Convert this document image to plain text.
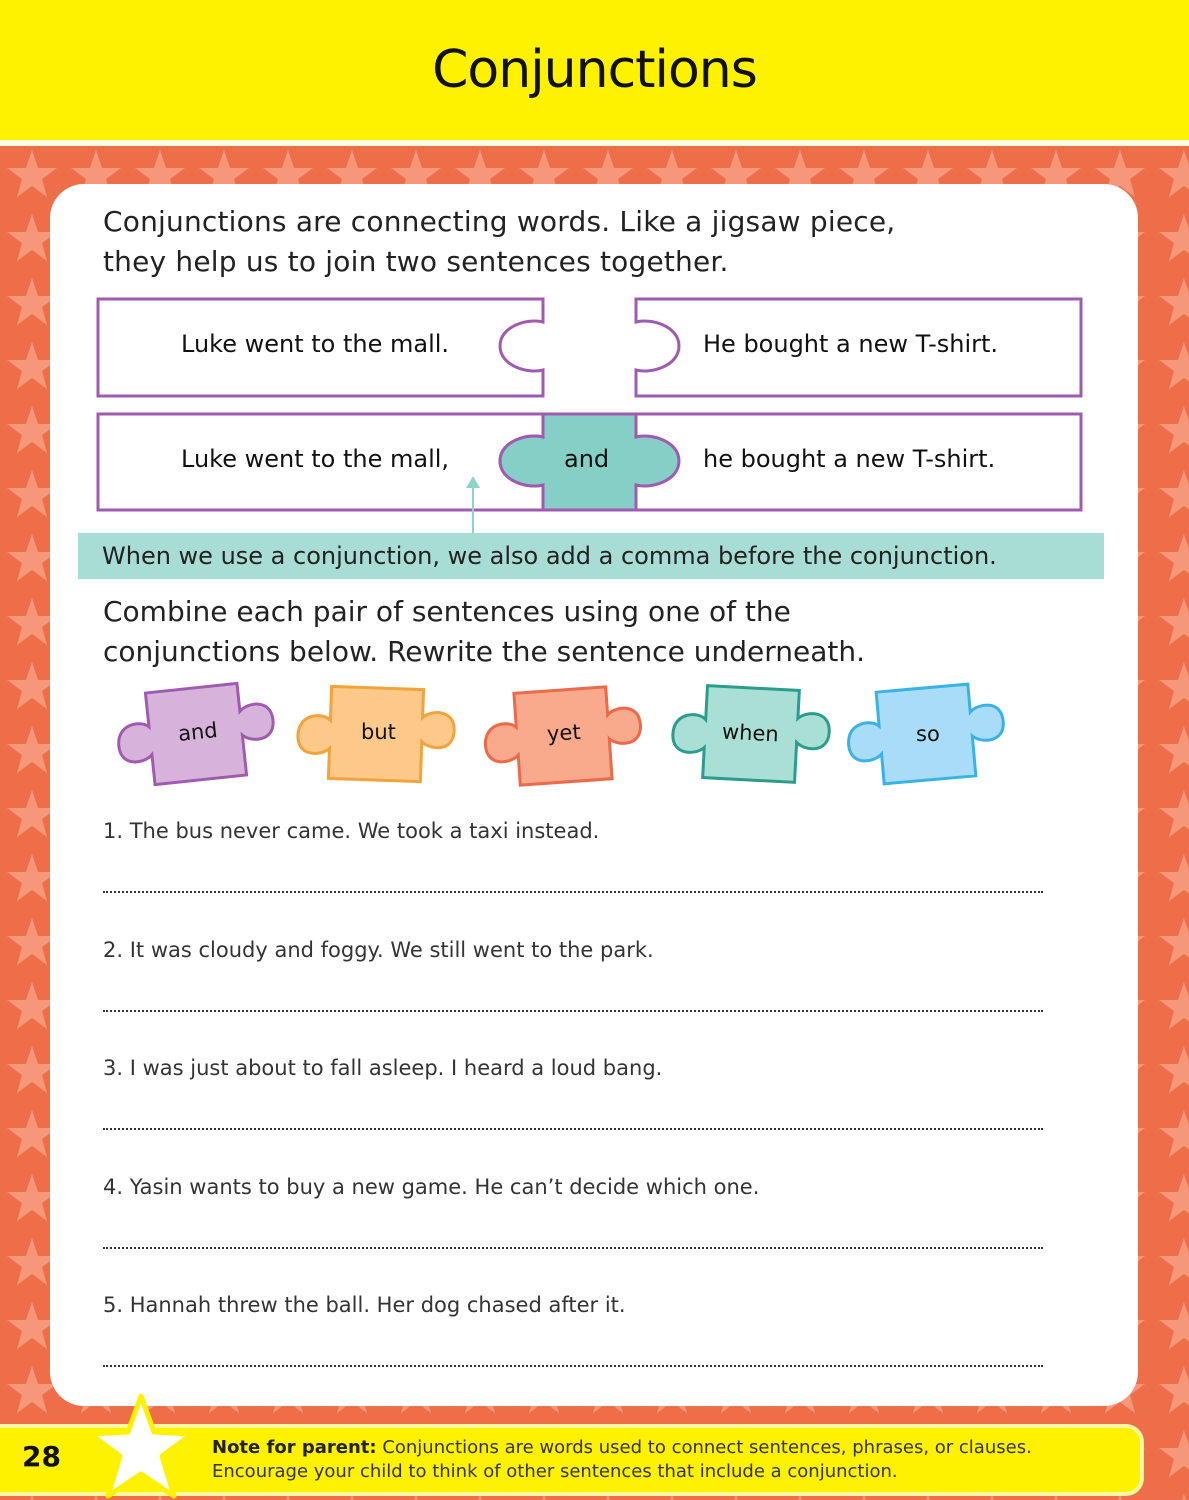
Conjunctions
Conjunctions are connecting words. Like a jigsaw piece,
they help us to join two sentences together.
Luke went to the mall.	He bought a new T-shirt.
Luke went to the mall,	and	he bought a new T-shirt.
When we use a conjunction, we also add a comma before the conjunction.
Combine each pair of sentences using one of the
conjunctions below. Rewrite the sentence underneath.
and	but	yet	when	so
1. The bus never came. We took a taxi instead.
2. It was cloudy and foggy. We still went to the park.
3. I was just about to fall asleep. I heard a loud bang.
4. Yasin wants to buy a new game. He can’t decide which one.
5. Hannah threw the ball. Her dog chased after it.
28	Note for parent: Conjunctions are words used to connect sentences, phrases, or clauses.
Encourage your child to think of other sentences that include a conjunction.
